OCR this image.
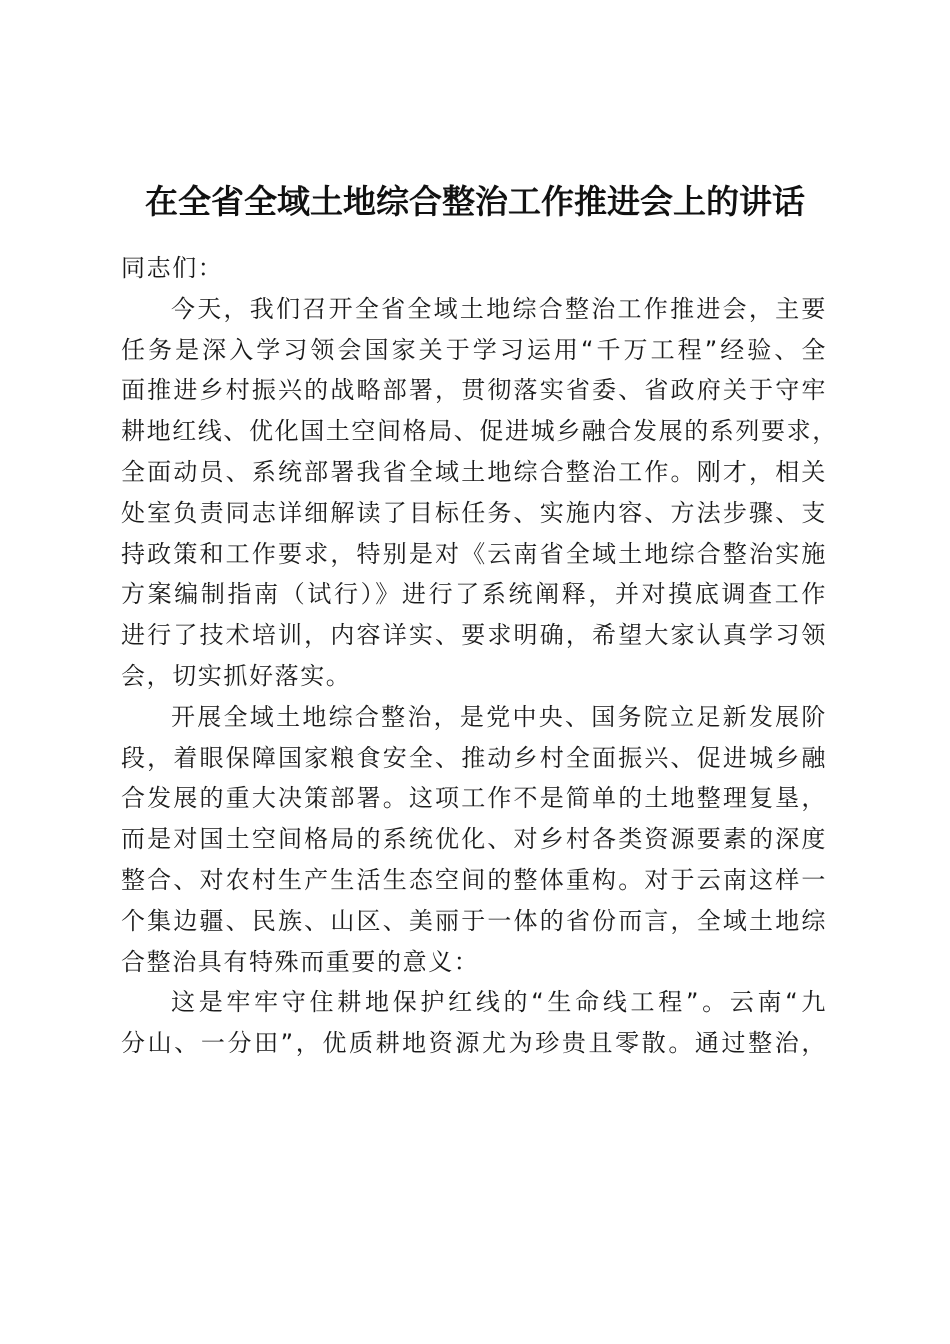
在全省全域土地综合整治工作推进会上的讲话

同志们：

今天，我们召开全省全域土地综合整治工作推进会，主要
任务是深入学习领会国家关于学习运用“千万工程”经验、全
面推进乡村振兴的战略部署，贯彻落实省委、省政府关于守牢
耕地红线、优化国土空间格局、促进城乡融合发展的系列要求，
全面动员、系统部署我省全域土地综合整治工作。刚才，相关
处室负责同志详细解读了目标任务、实施内容、方法步骤、支
持政策和工作要求，特别是对《云南省全域土地综合整治实施
方案编制指南（试行）》进行了系统阐释，并对摸底调查工作
进行了技术培训，内容详实、要求明确，希望大家认真学习领
会，切实抓好落实。
开展全域土地综合整治，是党中央、国务院立足新发展阶
段，着眼保障国家粮食安全、推动乡村全面振兴、促进城乡融
合发展的重大决策部署。这项工作不是简单的土地整理复垦，
而是对国土空间格局的系统优化、对乡村各类资源要素的深度
整合、对农村生产生活生态空间的整体重构。对于云南这样一
个集边疆、民族、山区、美丽于一体的省份而言，全域土地综
合整治具有特殊而重要的意义：
这是牢牢守住耕地保护红线的“生命线工程”。云南“九
分山、一分田”，优质耕地资源尤为珍贵且零散。通过整治，
